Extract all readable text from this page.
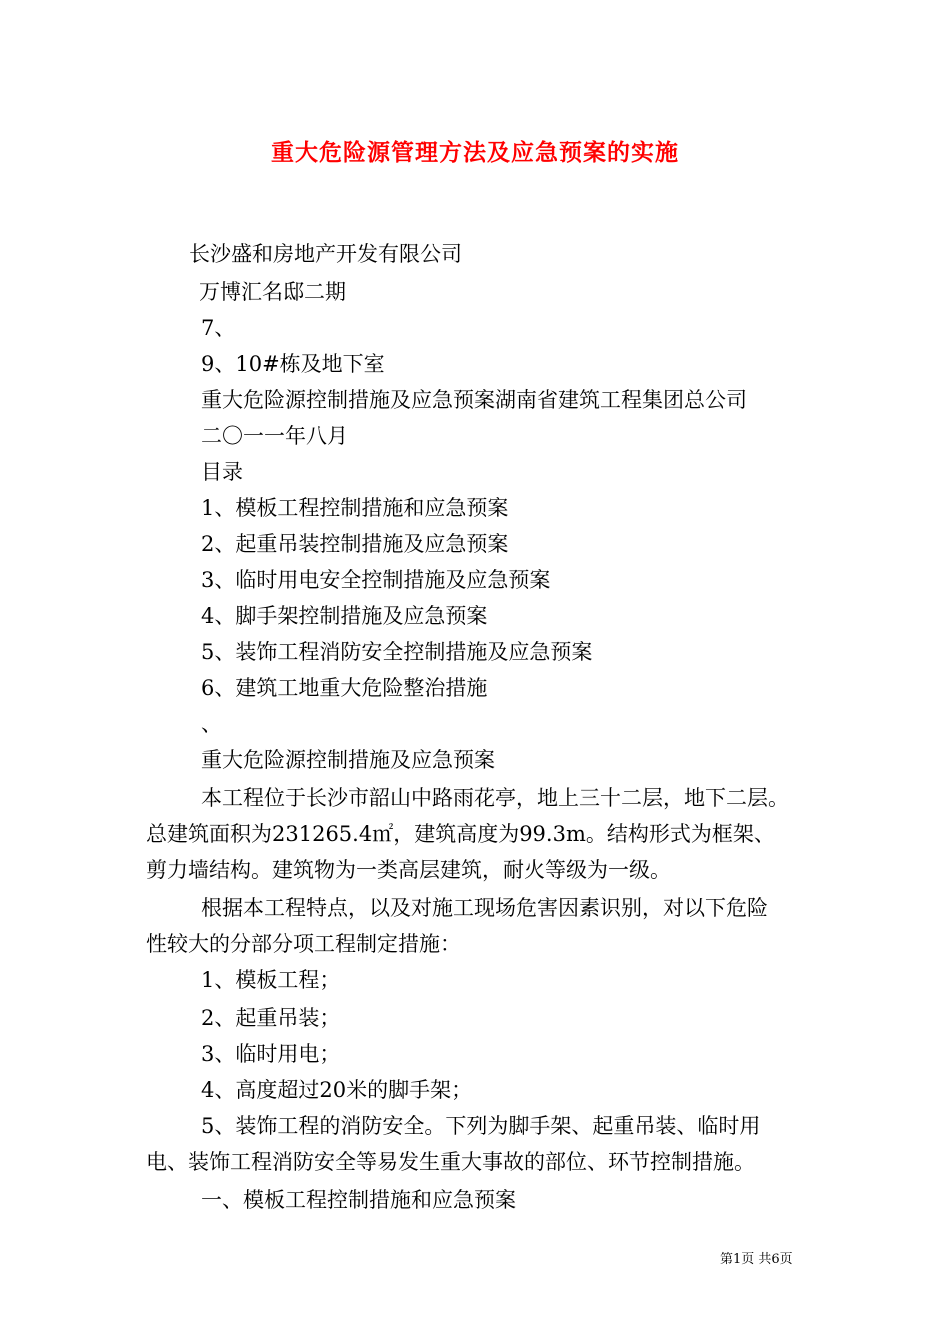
重大危险源管理方法及应急预案的实施
长沙盛和房地产开发有限公司
万博汇名邸二期
7、
9、10#栋及地下室
重大危险源控制措施及应急预案湖南省建筑工程集团总公司
二〇一一年八月
目录
1、模板工程控制措施和应急预案
2、起重吊装控制措施及应急预案
3、临时用电安全控制措施及应急预案
4、脚手架控制措施及应急预案
5、装饰工程消防安全控制措施及应急预案
6、建筑工地重大危险整治措施
、
重大危险源控制措施及应急预案
本工程位于长沙市韶山中路雨花亭，地上三十二层，地下二层。
总建筑面积为231265.4㎡，建筑高度为99.3m。结构形式为框架、
剪力墙结构。建筑物为一类高层建筑，耐火等级为一级。
根据本工程特点，以及对施工现场危害因素识别，对以下危险
性较大的分部分项工程制定措施：
1、模板工程；
2、起重吊装；
3、临时用电；
4、高度超过20米的脚手架；
5、装饰工程的消防安全。下列为脚手架、起重吊装、临时用
电、装饰工程消防安全等易发生重大事故的部位、环节控制措施。
一、模板工程控制措施和应急预案
第1页 共6页
